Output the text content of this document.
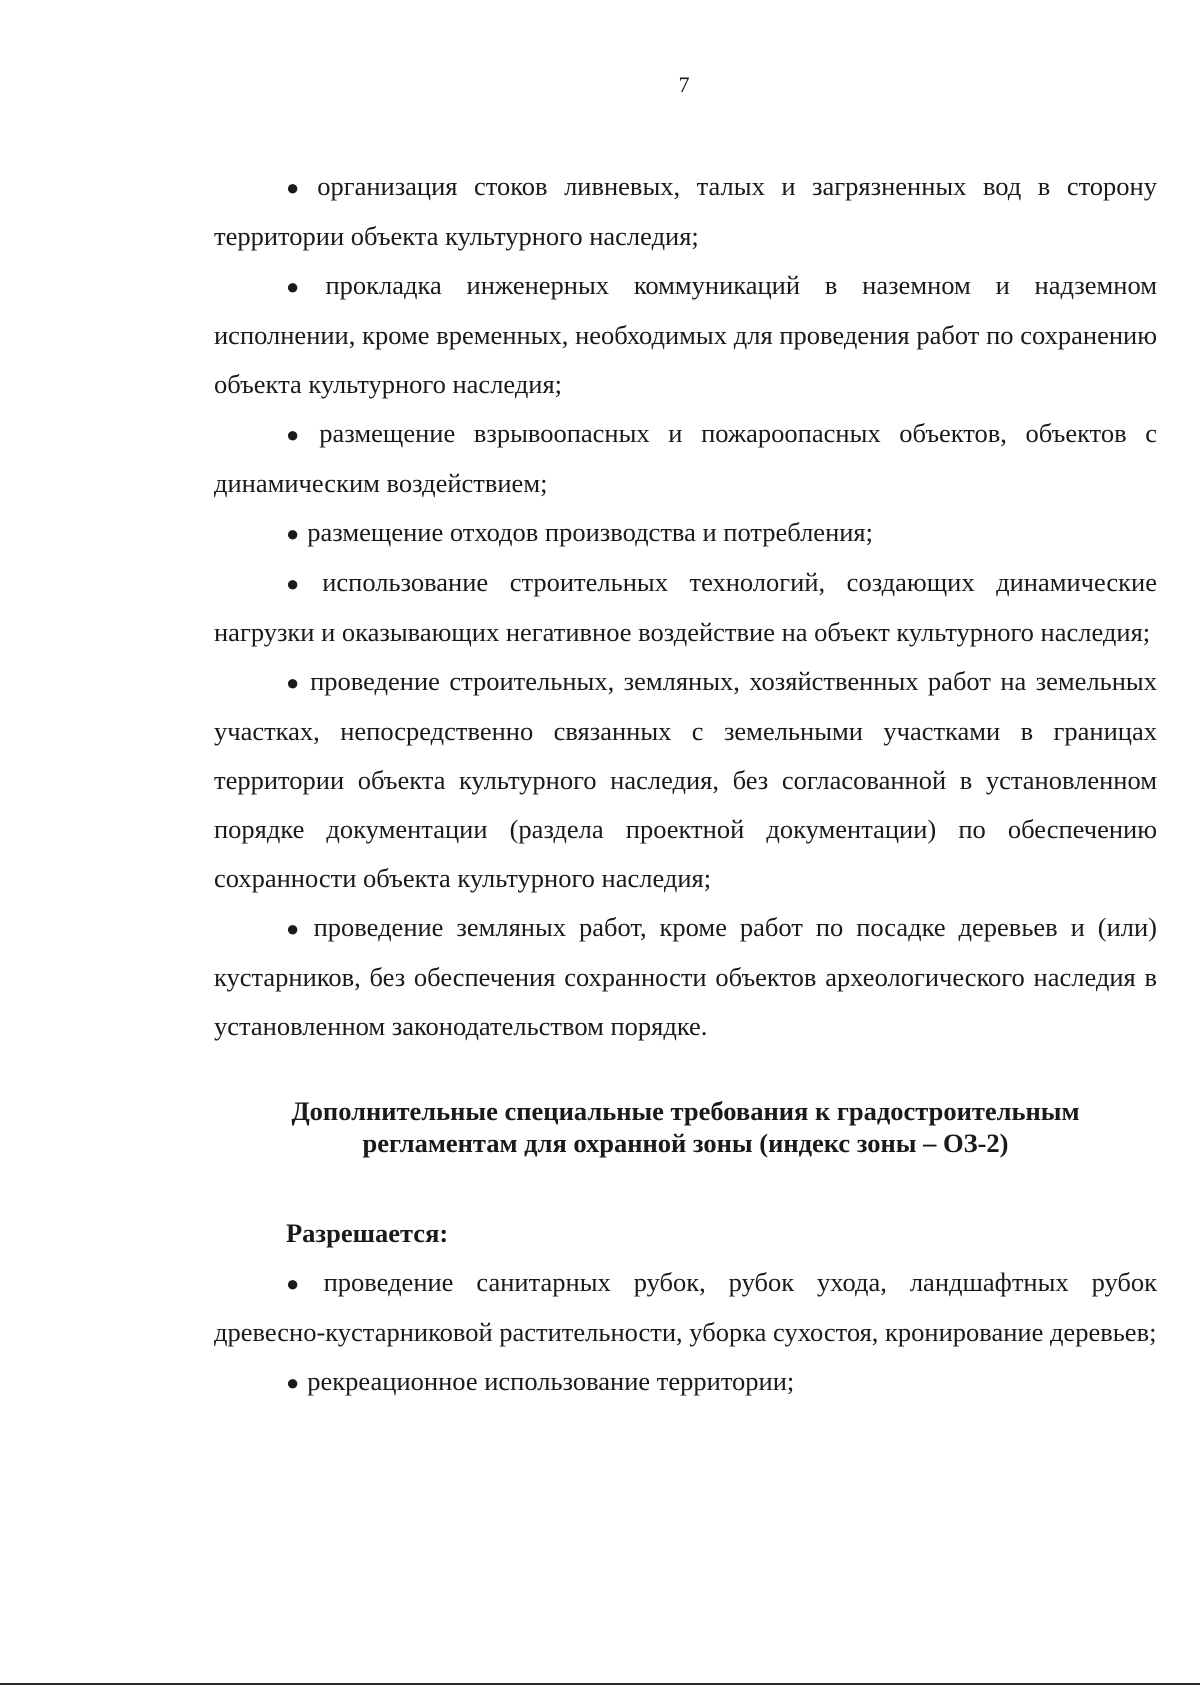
7

● организация стоков ливневых, талых и загрязненных вод в сторону территории объекта культурного наследия;

● прокладка инженерных коммуникаций в наземном и надземном исполнении, кроме временных, необходимых для проведения работ по сохранению объекта культурного наследия;

● размещение взрывоопасных и пожароопасных объектов, объектов с динамическим воздействием;

● размещение отходов производства и потребления;

● использование строительных технологий, создающих динамические нагрузки и оказывающих негативное воздействие на объект культурного наследия;

● проведение строительных, земляных, хозяйственных работ на земельных участках, непосредственно связанных с земельными участками в границах территории объекта культурного наследия, без согласованной в установленном порядке документации (раздела проектной документации) по обеспечению сохранности объекта культурного наследия;

● проведение земляных работ, кроме работ по посадке деревьев и (или) кустарников, без обеспечения сохранности объектов археологического наследия в установленном законодательством порядке.

Дополнительные специальные требования к градостроительным
регламентам для охранной зоны (индекс зоны – ОЗ-2)

Разрешается:

● проведение санитарных рубок, рубок ухода, ландшафтных рубок древесно-кустарниковой растительности, уборка сухостоя, кронирование деревьев;

● рекреационное использование территории;
